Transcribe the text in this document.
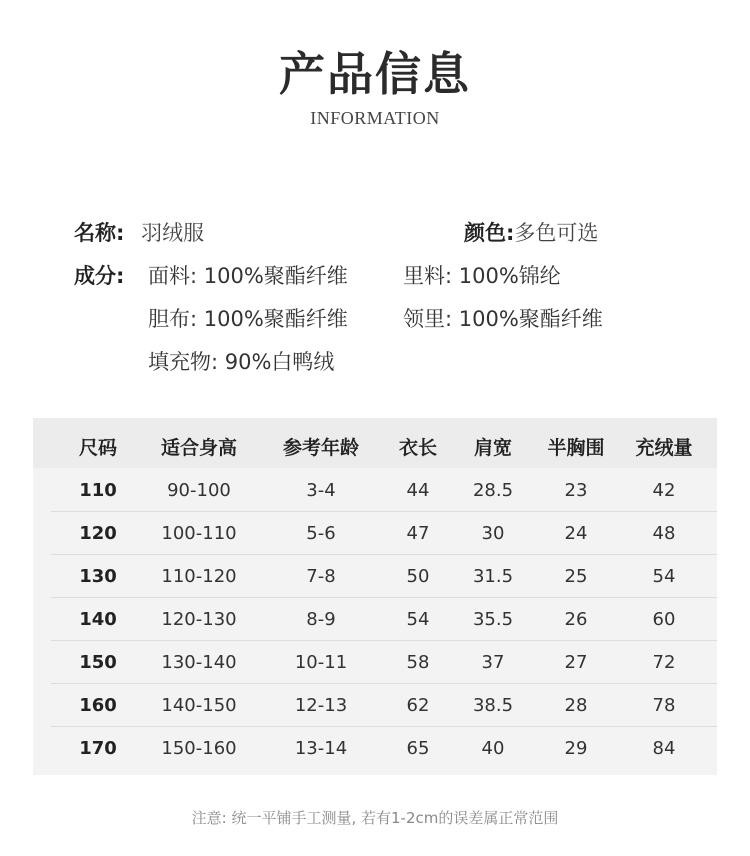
产品信息
INFORMATION
名称: 羽绒服	颜色:多色可选
成分: 面料: 100%聚酯纤维	里料: 100%锦纶
胆布: 100%聚酯纤维	领里: 100%聚酯纤维
填充物: 90%白鸭绒
尺码	适合身高	参考年龄	衣长	肩宽	半胸围	充绒量
110	90-100	3-4	44	28.5	23	42
120	100-110	5-6	47	30	24	48
130	110-120	7-8	50	31.5	25	54
140	120-130	8-9	54	35.5	26	60
150	130-140	10-11	58	37	27	72
160	140-150	12-13	62	38.5	28	78
170	150-160	13-14	65	40	29	84
注意: 统一平铺手工测量, 若有1-2cm的误差属正常范围
